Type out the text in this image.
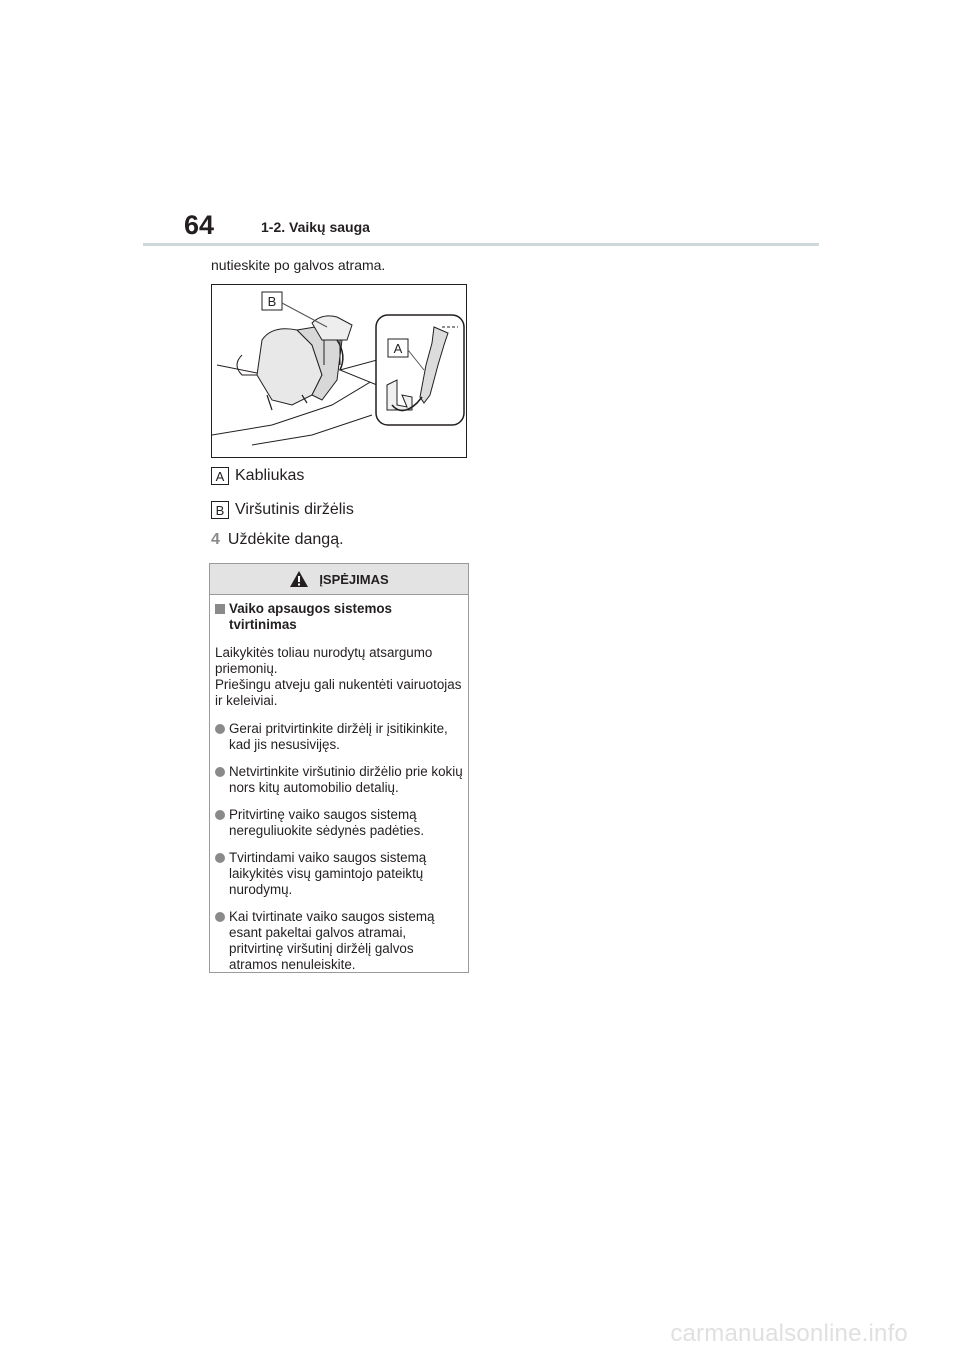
64	1-2. Vaikų sauga
nutieskite po galvos atrama.
B
A
A Kabliukas
B Viršutinis diržėlis
4 Uždėkite dangą.
ĮSPĖJIMAS
Vaiko apsaugos sistemos tvirtinimas

Laikykitės toliau nurodytų atsargumo priemonių.
Priešingu atveju gali nukentėti vairuotojas ir keleiviai.

Gerai pritvirtinkite diržėlį ir įsitikinkite, kad jis nesusivijęs.
Netvirtinkite viršutinio diržėlio prie kokių nors kitų automobilio detalių.
Pritvirtinę vaiko saugos sistemą nereguliuokite sėdynės padėties.
Tvirtindami vaiko saugos sistemą laikykitės visų gamintojo pateiktų nurodymų.
Kai tvirtinate vaiko saugos sistemą esant pakeltai galvos atramai, pritvirtinę viršutinį diržėlį galvos atramos nenuleiskite.
carmanualsonline.info
